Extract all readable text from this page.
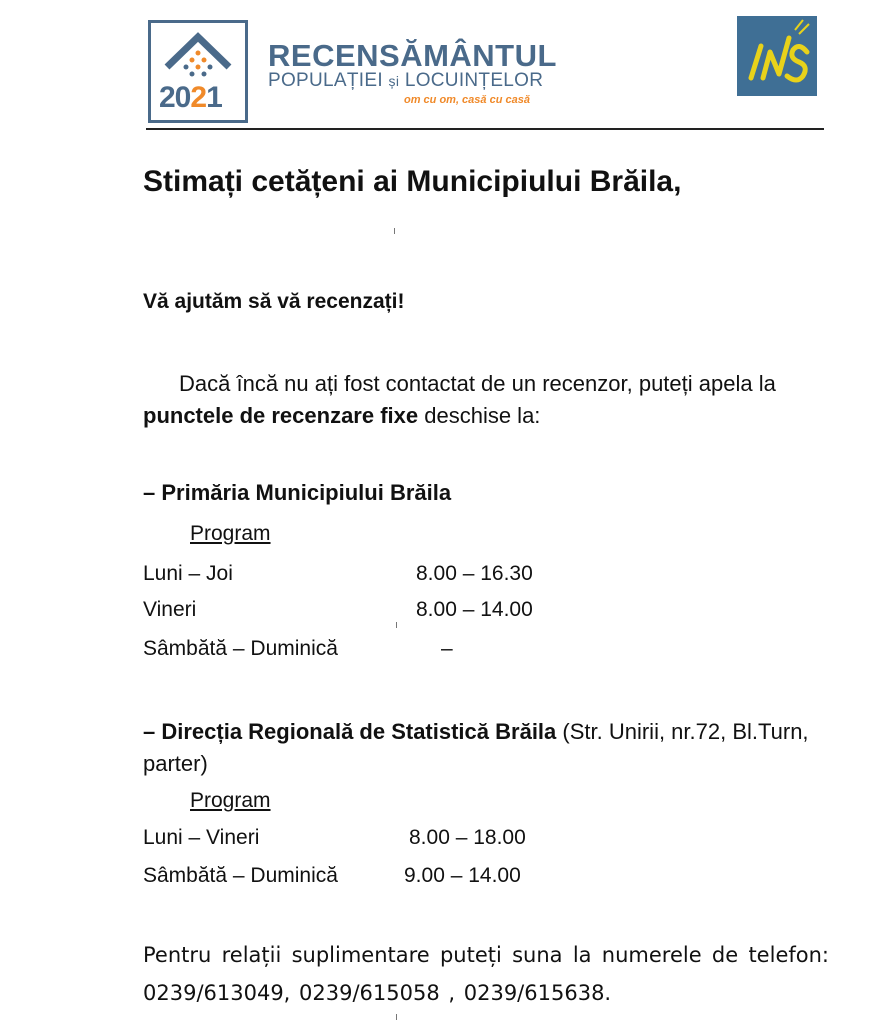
2021
RECENSĂMÂNTUL
POPULAȚIEI și LOCUINȚELOR
om cu om, casă cu casă
Stimați cetățeni ai Municipiului Brăila,
Vă ajutăm să vă recenzați!
Dacă încă nu ați fost contactat de un recenzor, puteți apela la punctele de recenzare fixe deschise la:
– Primăria Municipiului Brăila
Program
Luni – Joi	8.00 – 16.30
Vineri	8.00 – 14.00
Sâmbătă – Duminică	–
– Direcția Regională de Statistică Brăila (Str. Unirii, nr.72, Bl.Turn, parter)
Program
Luni – Vineri	8.00 – 18.00
Sâmbătă – Duminică	9.00 – 14.00
Pentru relații suplimentare puteți suna la numerele de telefon: 0239/613049, 0239/615058 , 0239/615638.
